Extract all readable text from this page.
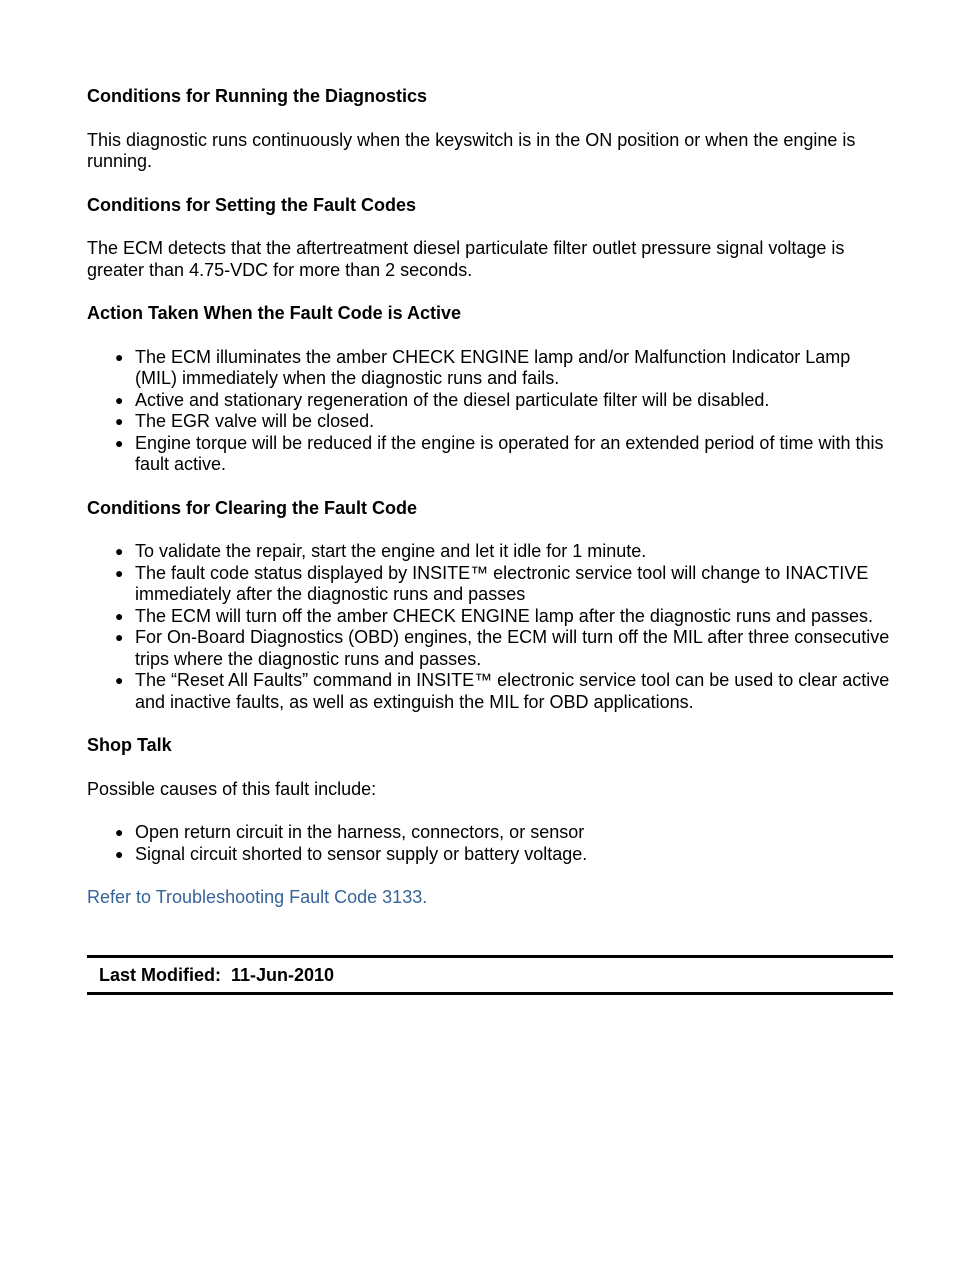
Conditions for Running the Diagnostics
This diagnostic runs continuously when the keyswitch is in the ON position or when the engine is running.
Conditions for Setting the Fault Codes
The ECM detects that the aftertreatment diesel particulate filter outlet pressure signal voltage is greater than 4.75-VDC for more than 2 seconds.
Action Taken When the Fault Code is Active
● The ECM illuminates the amber CHECK ENGINE lamp and/or Malfunction Indicator Lamp (MIL) immediately when the diagnostic runs and fails.
● Active and stationary regeneration of the diesel particulate filter will be disabled.
● The EGR valve will be closed.
● Engine torque will be reduced if the engine is operated for an extended period of time with this fault active.
Conditions for Clearing the Fault Code
● To validate the repair, start the engine and let it idle for 1 minute.
● The fault code status displayed by INSITE™ electronic service tool will change to INACTIVE immediately after the diagnostic runs and passes
● The ECM will turn off the amber CHECK ENGINE lamp after the diagnostic runs and passes.
● For On-Board Diagnostics (OBD) engines, the ECM will turn off the MIL after three consecutive trips where the diagnostic runs and passes.
● The “Reset All Faults” command in INSITE™ electronic service tool can be used to clear active and inactive faults, as well as extinguish the MIL for OBD applications.
Shop Talk
Possible causes of this fault include:
● Open return circuit in the harness, connectors, or sensor
● Signal circuit shorted to sensor supply or battery voltage.
Refer to Troubleshooting Fault Code 3133.
Last Modified:  11-Jun-2010
